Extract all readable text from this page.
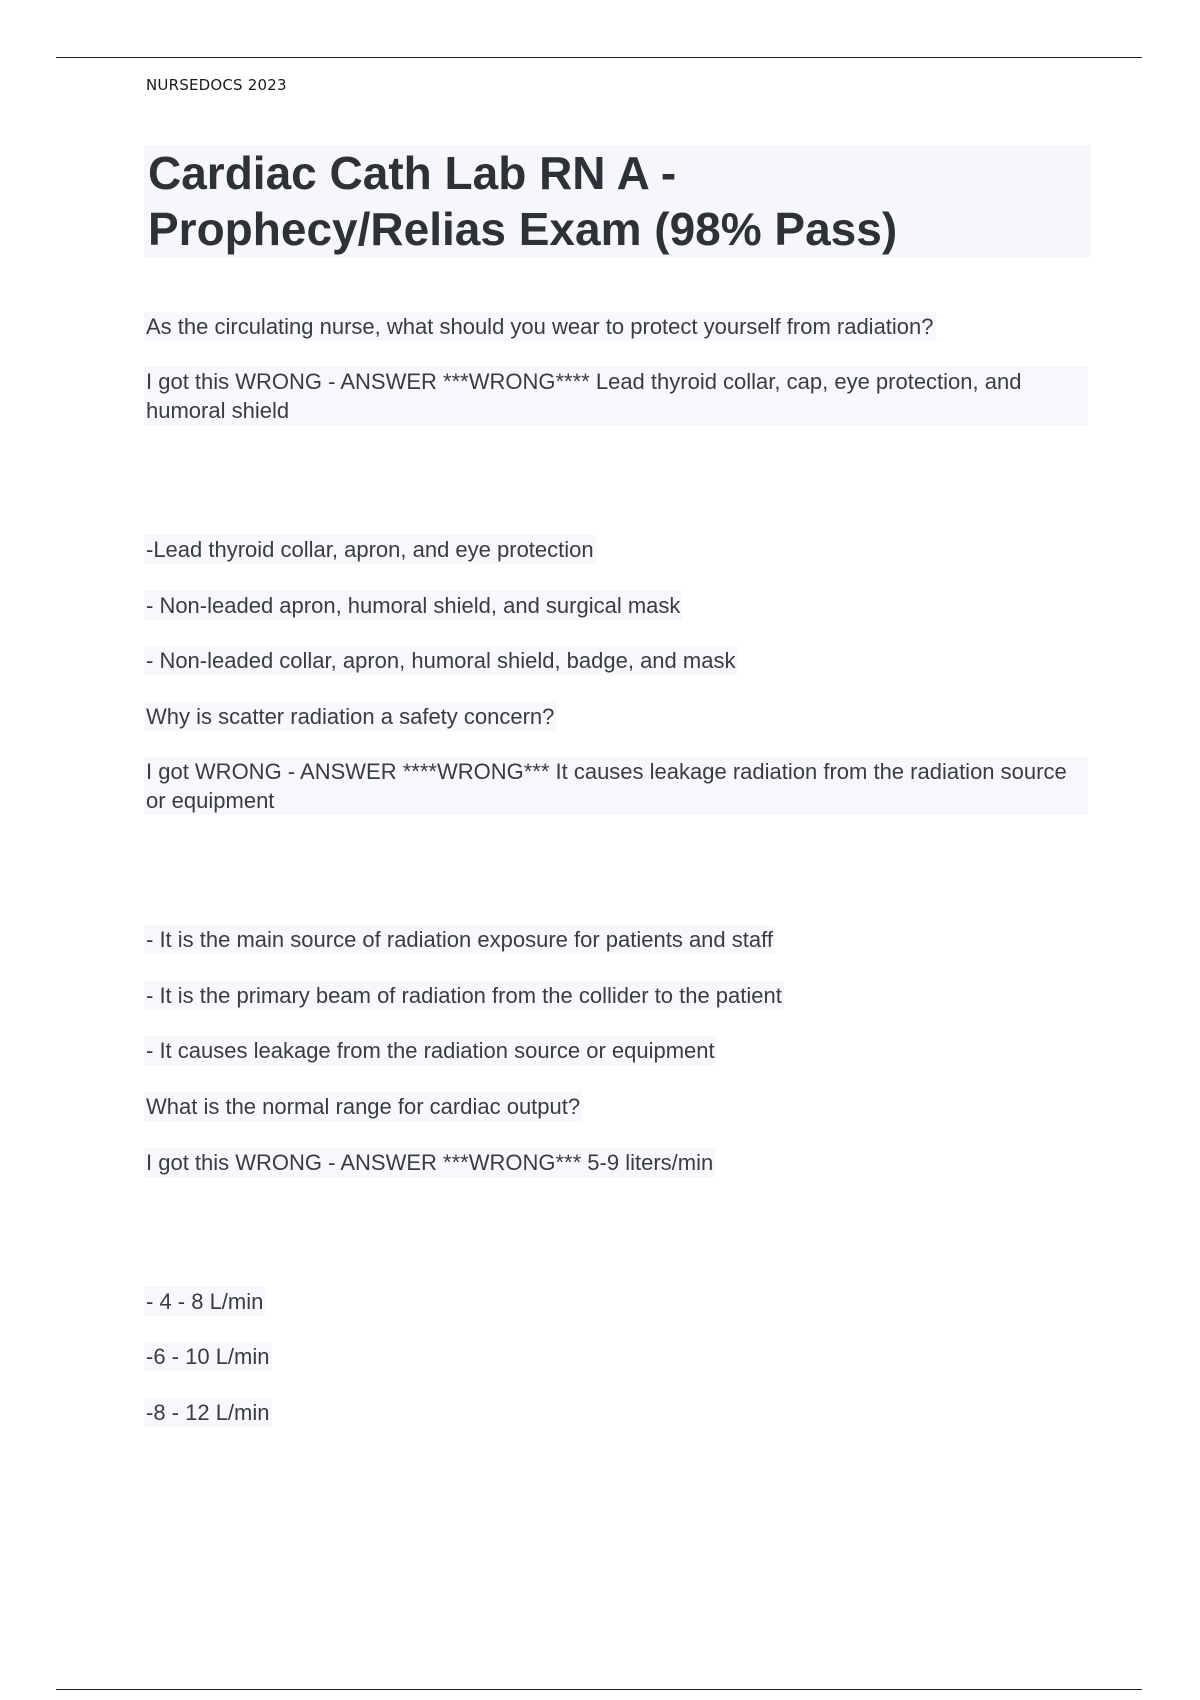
NURSEDOCS 2023
Cardiac Cath Lab RN A -
Prophecy/Relias Exam (98% Pass)
As the circulating nurse, what should you wear to protect yourself from radiation?
I got this WRONG - ANSWER ***WRONG**** Lead thyroid collar, cap, eye protection, and humoral shield
-Lead thyroid collar, apron, and eye protection
- Non-leaded apron, humoral shield, and surgical mask
- Non-leaded collar, apron, humoral shield, badge, and mask
Why is scatter radiation a safety concern?
I got WRONG - ANSWER ****WRONG*** It causes leakage radiation from the radiation source or equipment
- It is the main source of radiation exposure for patients and staff
- It is the primary beam of radiation from the collider to the patient
- It causes leakage from the radiation source or equipment
What is the normal range for cardiac output?
I got this WRONG - ANSWER ***WRONG*** 5-9 liters/min
- 4 - 8 L/min
-6 - 10 L/min
-8 - 12 L/min
